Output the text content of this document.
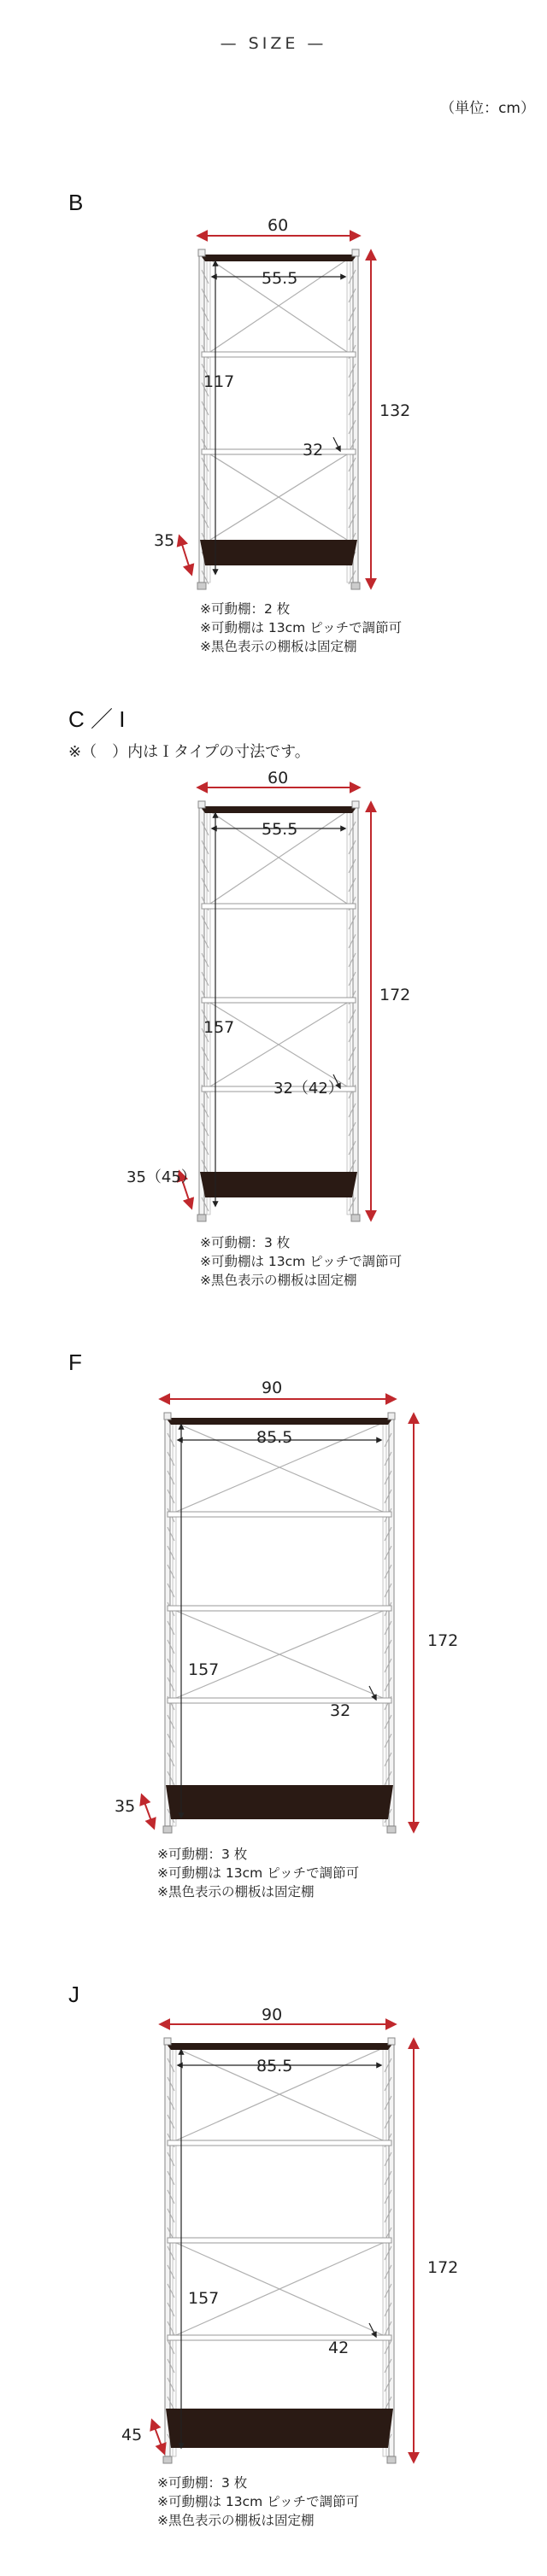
— SIZE —
（単位：cm）
B
C ／ I
※（　）内はＩタイプの寸法です。
F
J
60
55.5
132
117
32
35
60
55.5
172
157
32（42）
35（45）
90
85.5
172
157
32
35
90
85.5
172
157
42
45
※可動棚：2 枚
※可動棚は 13cm ピッチで調節可
※黒色表示の棚板は固定棚
※可動棚：3 枚
※可動棚は 13cm ピッチで調節可
※黒色表示の棚板は固定棚
※可動棚：3 枚
※可動棚は 13cm ピッチで調節可
※黒色表示の棚板は固定棚
※可動棚：3 枚
※可動棚は 13cm ピッチで調節可
※黒色表示の棚板は固定棚
